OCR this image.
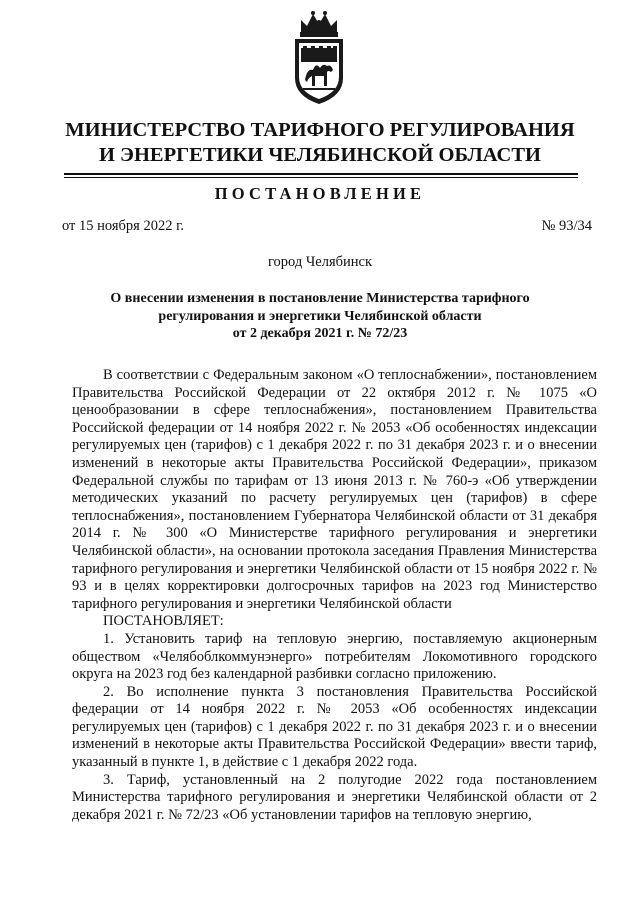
МИНИСТЕРСТВО ТАРИФНОГО РЕГУЛИРОВАНИЯ
И ЭНЕРГЕТИКИ ЧЕЛЯБИНСКОЙ ОБЛАСТИ
ПОСТАНОВЛЕНИЕ
от 15 ноября 2022 г.	№ 93/34
город Челябинск
О внесении изменения в постановление Министерства тарифного
регулирования и энергетики Челябинской области
от 2 декабря 2021 г. № 72/23

В соответствии с Федеральным законом «О теплоснабжении», постановлением Правительства Российской Федерации от 22 октября 2012 г. № 1075 «О ценообразовании в сфере теплоснабжения», постановлением Правительства Российской федерации от 14 ноября 2022 г. № 2053 «Об особенностях индексации регулируемых цен (тарифов) с 1 декабря 2022 г. по 31 декабря 2023 г. и о внесении изменений в некоторые акты Правительства Российской Федерации», приказом Федеральной службы по тарифам от 13 июня 2013 г. № 760-э «Об утверждении методических указаний по расчету регулируемых цен (тарифов) в сфере теплоснабжения», постановлением Губернатора Челябинской области от 31 декабря 2014 г. № 300 «О Министерстве тарифного регулирования и энергетики Челябинской области», на основании протокола заседания Правления Министерства тарифного регулирования и энергетики Челябинской области от 15 ноября 2022 г. № 93 и в целях корректировки долгосрочных тарифов на 2023 год Министерство тарифного регулирования и энергетики Челябинской области

ПОСТАНОВЛЯЕТ:

1. Установить тариф на тепловую энергию, поставляемую акционерным обществом «Челябоблкоммунэнерго» потребителям Локомотивного городского округа на 2023 год без календарной разбивки согласно приложению.

2. Во исполнение пункта 3 постановления Правительства Российской федерации от 14 ноября 2022 г. № 2053 «Об особенностях индексации регулируемых цен (тарифов) с 1 декабря 2022 г. по 31 декабря 2023 г. и о внесении изменений в некоторые акты Правительства Российской Федерации» ввести тариф, указанный в пункте 1, в действие с 1 декабря 2022 года.

3. Тариф, установленный на 2 полугодие 2022 года постановлением Министерства тарифного регулирования и энергетики Челябинской области от 2 декабря 2021 г. № 72/23 «Об установлении тарифов на тепловую энергию,
